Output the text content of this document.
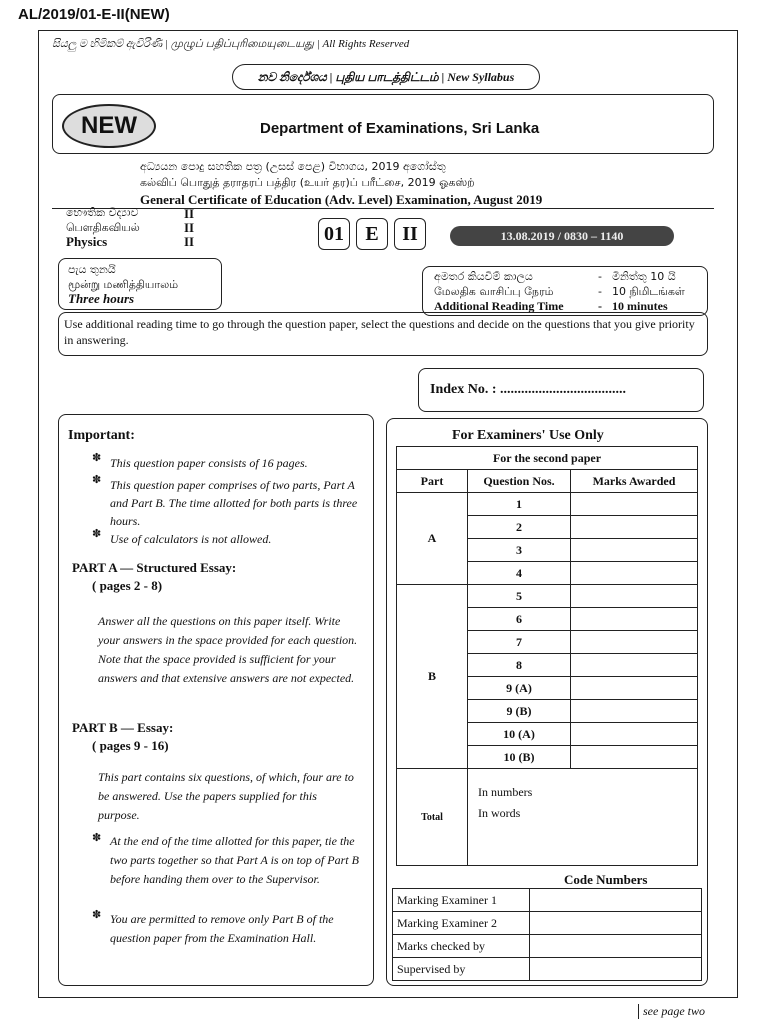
AL/2019/01-E-II(NEW)
සියලු ම හිමිකම් ඇවිරිණි | முழுப் பதிப்புரிமையுடையது | All Rights Reserved
නව නිර්දේශය | புதிய பாடத்திட்டம் | New Syllabus
NEW	Department of Examinations, Sri Lanka
අධ්‍යයන පොදු සහතික පත්‍ර (උසස් පෙළ) විභාගය, 2019 අගෝස්තු
கல்விப் பொதுத் தராதரப் பத்திர (உயர் தர)ப் பரீட்சை, 2019 ஓகஸ்ற்
General Certificate of Education (Adv. Level) Examination, August 2019
භෞතික විද්‍යාව
பௌதிகவியல்
Physics
II
II
II	01	E	II	13.08.2019 / 0830 – 1140
පැය තුනයි
மூன்று மணித்தியாலம்
Three hours
අමතර කියවීම් කාලය	- මිනිත්තු 10 යි
மேலதிக வாசிப்பு நேரம்	- 10 நிமிடங்கள்
Additional Reading Time	- 10 minutes
Use additional reading time to go through the question paper, select the questions and decide on the questions that you give priority in answering.
Index No. : ....................................
Important:
✽ This question paper consists of 16 pages.
✽ This question paper comprises of two parts, Part A and Part B. The time allotted for both parts is three hours.
✽ Use of calculators is not allowed.
PART A — Structured Essay:
( pages 2 - 8)
Answer all the questions on this paper itself. Write your answers in the space provided for each question. Note that the space provided is sufficient for your answers and that extensive answers are not expected.
PART B — Essay:
( pages 9 - 16)
This part contains six questions, of which, four are to be answered. Use the papers supplied for this purpose.
✽ At the end of the time allotted for this paper, tie the two parts together so that Part A is on top of Part B before handing them over to the Supervisor.
✽ You are permitted to remove only Part B of the question paper from the Examination Hall.
For Examiners' Use Only
For the second paper		
Part	Question Nos.	Marks Awarded
A	1	
	2	
	3	
	4	
B	5	
	6	
	7	
	8	
	9 (A)	
	9 (B)	
	10 (A)	
	10 (B)	
Total	In numbers
In words	
Code Numbers
Marking Examiner 1	
Marking Examiner 2	
Marks checked by	
Supervised by	
see page two
